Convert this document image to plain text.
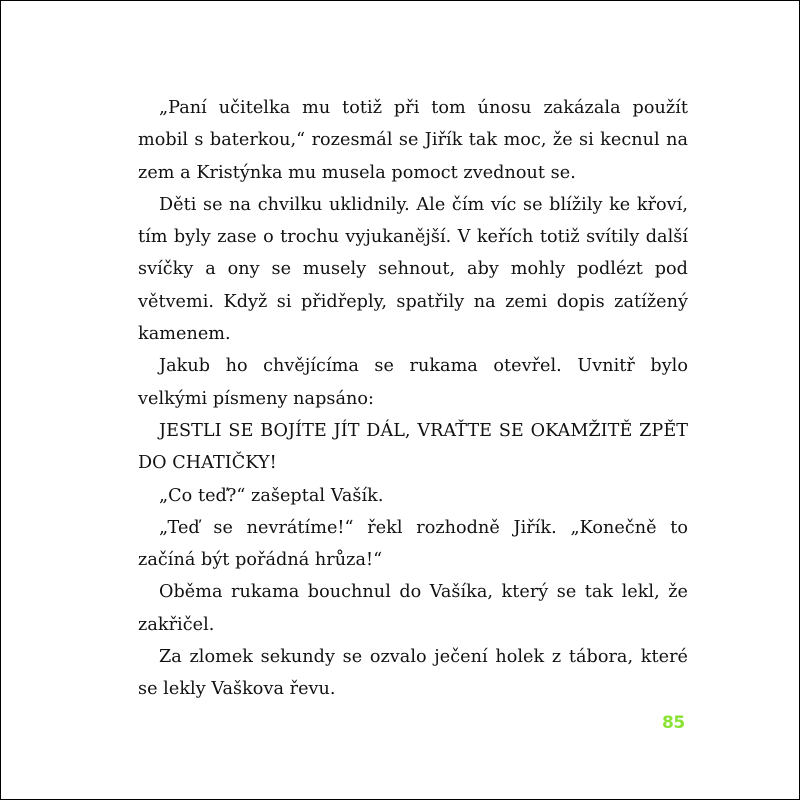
„Paní učitelka mu totiž při tom únosu zakázala použít mobil s baterkou,“ rozesmál se Jiřík tak moc, že si kecnul na zem a Kristýnka mu musela pomoct zvednout se.

Děti se na chvilku uklidnily. Ale čím víc se blížily ke křoví, tím byly zase o trochu vyjukanější. V keřích totiž svítily další svíčky a ony se musely sehnout, aby mohly podlézt pod větvemi. Když si přidřeply, spatřily na zemi dopis zatížený kamenem.

Jakub ho chvějícíma se rukama otevřel. Uvnitř bylo velkými písmeny napsáno:

JESTLI SE BOJÍTE JÍT DÁL, VRAŤTE SE OKAMŽITĚ ZPĚT DO CHATIČKY!

„Co teď?“ zašeptal Vašík.

„Teď se nevrátíme!“ řekl rozhodně Jiřík. „Konečně to začíná být pořádná hrůza!“

Oběma rukama bouchnul do Vašíka, který se tak lekl, že zakřičel.

Za zlomek sekundy se ozvalo ječení holek z tábora, které se lekly Vaškova řevu.

85
